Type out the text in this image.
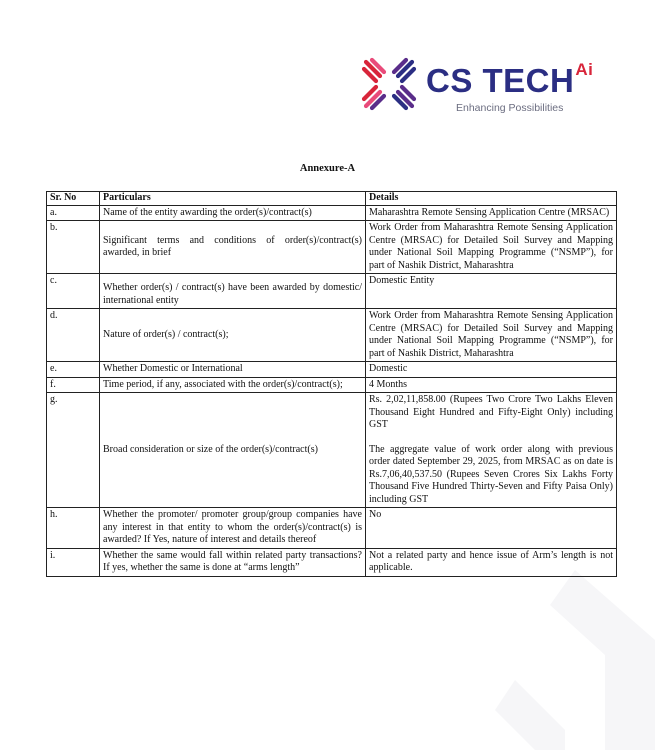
CS $TECH^{Ai}$
Enhancing Possibilities
Annexure-A
Sr. No	Particulars	Details
a.	Name of the entity awarding the order(s)/contract(s)	Maharashtra Remote Sensing Application Centre (MRSAC)
b.	Significant terms and conditions of order(s)/contract(s) awarded, in brief	Work Order from Maharashtra Remote Sensing Application Centre (MRSAC) for Detailed Soil Survey and Mapping under National Soil Mapping Programme (“NSMP”), for part of Nashik District, Maharashtra
c.	Whether order(s) / contract(s) have been awarded by domestic/ international entity	Domestic Entity
d.	Nature of order(s) / contract(s);	Work Order from Maharashtra Remote Sensing Application Centre (MRSAC) for Detailed Soil Survey and Mapping under National Soil Mapping Programme (“NSMP”), for part of Nashik District, Maharashtra
e.	Whether Domestic or International	Domestic
f.	Time period, if any, associated with the order(s)/contract(s);	4 Months
g.	Broad consideration or size of the order(s)/contract(s)	Rs. 2,02,11,858.00 (Rupees Two Crore Two Lakhs Eleven Thousand Eight Hundred and Fifty-Eight Only) including GST
The aggregate value of work order along with previous order dated September 29, 2025, from MRSAC as on date is Rs.7,06,40,537.50 (Rupees Seven Crores Six Lakhs Forty Thousand Five Hundred Thirty-Seven and Fifty Paisa Only) including GST

h.	Whether the promoter/ promoter group/group companies have any interest in that entity to whom the order(s)/contract(s) is awarded? If Yes, nature of interest and details thereof	No
i.	Whether the same would fall within related party transactions? If yes, whether the same is done at “arms length”	Not a related party and hence issue of Arm’s length is not applicable.
